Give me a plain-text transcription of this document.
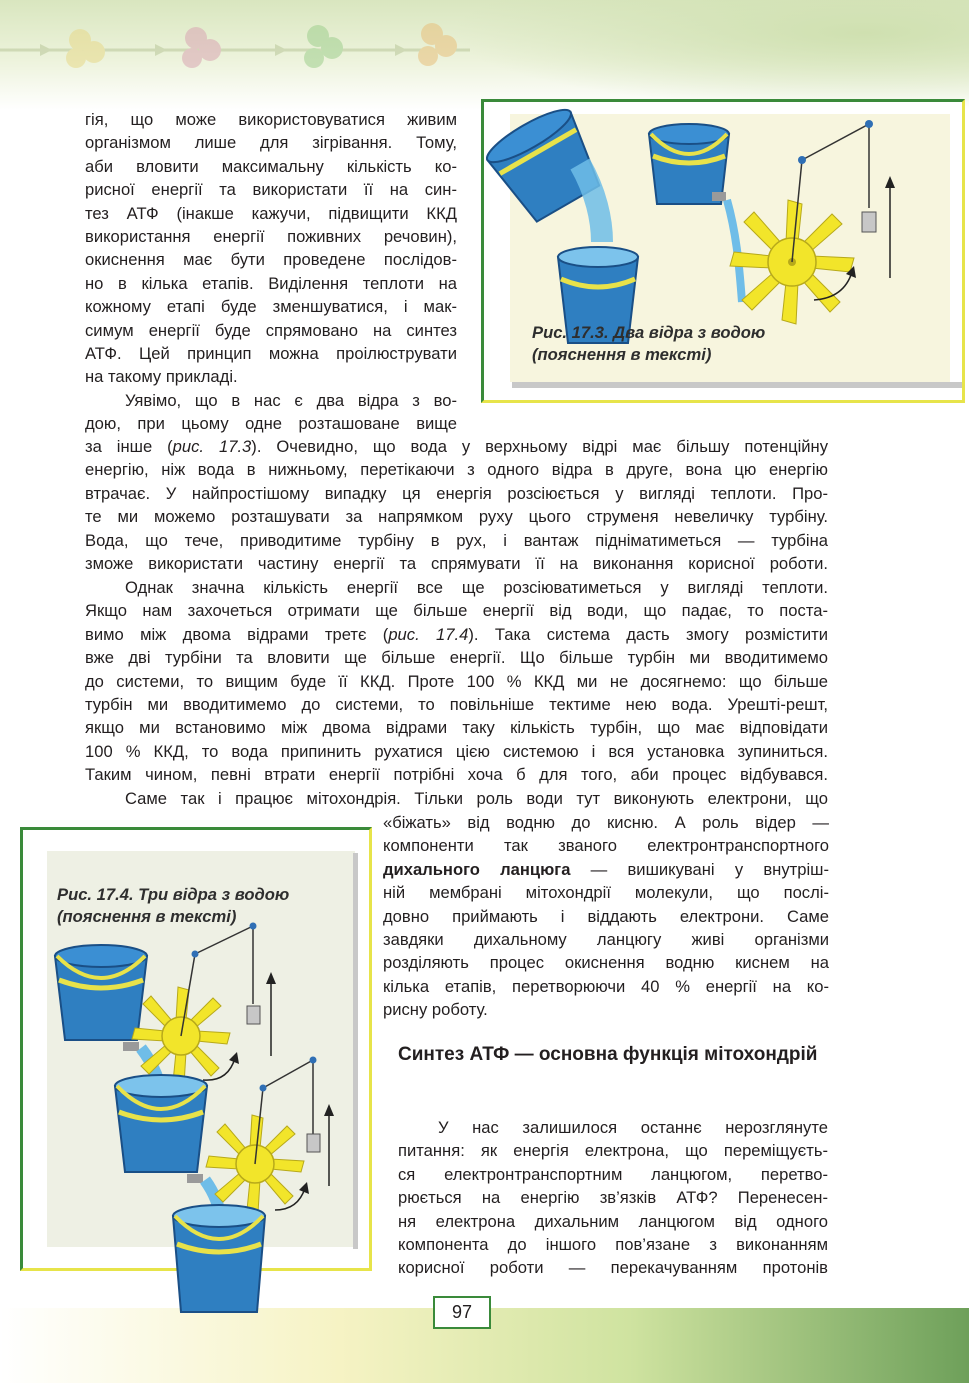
гія, що може використовуватися живим

організмом лише для зігрівання. Тому,

аби вловити максимальну кількість ко-

рисної енергії та використати її на син-

тез АТФ (інакше кажучи, підвищити ККД

використання енергії поживних речовин),

окиснення має бути проведене послідов-

но в кілька етапів. Виділення теплоти на

кожному етапі буде зменшуватися, і мак-

симум енергії буде спрямовано на синтез

АТФ. Цей принцип можна проілюструвати

на такому прикладі.

Уявімо, що в нас є два відра з во-

дою, при цьому одне розташоване вище

за інше (рис. 17.3). Очевидно, що вода у верхньому відрі має більшу потенційну

енергію, ніж вода в нижньому, перетікаючи з одного відра в друге, вона цю енергію

втрачає. У найпростішому випадку ця енергія розсіюється у вигляді теплоти. Про-

те ми можемо розташувати за напрямком руху цього струменя невеличку турбіну.

Вода, що тече, приводитиме турбіну в рух, і вантаж підніматиметься — турбіна

зможе використати частину енергії та спрямувати її на виконання корисної роботи.

Однак значна кількість енергії все ще розсіюватиметься у вигляді теплоти.

Якщо нам захочеться отримати ще більше енергії від води, що падає, то поста-

вимо між двома відрами третє (рис. 17.4). Така система дасть змогу розмістити

вже дві турбіни та вловити ще більше енергії. Що більше турбін ми вводитимемо

до системи, то вищим буде її ККД. Проте 100 % ККД ми не досягнемо: що більше

турбін ми вводитимемо до системи, то повільніше тектиме нею вода. Урешті-решт,

якщо ми встановимо між двома відрами таку кількість турбін, що має відповідати

100 % ККД, то вода припинить рухатися цією системою і вся установка зупиниться.

Таким чином, певні втрати енергії потрібні хоча б для того, аби процес відбувався.

Саме так і працює мітохондрія. Тільки роль води тут виконують електрони, що

«біжать» від водню до кисню. А роль відер —

компоненти так званого електронтранспортного

дихального ланцюга — вишикувані у внутріш-

ній мембрані мітохондрії молекули, що послі-

довно приймають і віддають електрони. Саме

завдяки дихальному ланцюгу живі організми

розділяють процес окиснення водню киснем на

кілька етапів, перетворюючи 40 % енергії на ко-

рисну роботу.

Синтез АТФ — основна функція мітохондрій

У нас залишилося останнє нерозглянуте

питання: як енергія електрона, що переміщуєть-

ся електронтранспортним ланцюгом, перетво-

рюється на енергію зв’язків АТФ? Перенесен-

ня електрона дихальним ланцюгом від одного

компонента до іншого пов’язане з виконанням

корисної роботи — перекачуванням протонів

Рис. 17.3. Два відра з водою
(пояснення в тексті)
Рис. 17.4. Три відра з водою
(пояснення в тексті)
97
